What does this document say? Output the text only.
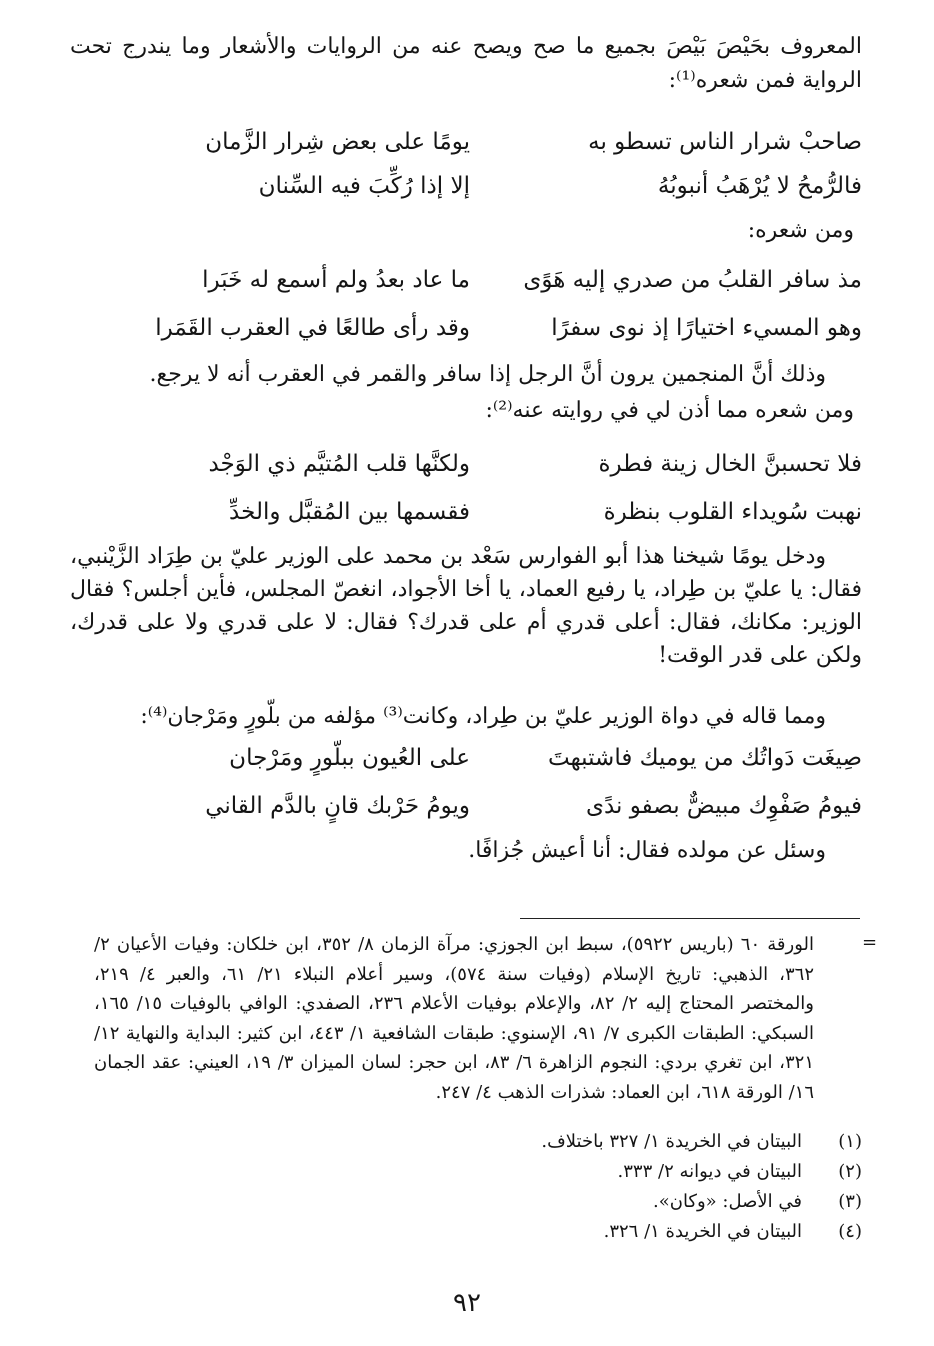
المعروف بحَيْصَ بَيْصَ بجميع ما صح ويصح عنه من الروايات والأشعار وما يندرج تحت الرواية فمن شعره⁽¹⁾:

صاحبْ شرار الناس تسطو به
يومًا على بعض شِرار الزَّمان
فالرُّمحُ لا يُرْهَبُ أنبوبُهُ
إلا إذا رُكِّبَ فيه السِّنان
ومن شعره:
مذ سافر القلبُ من صدري إليه هَوًى
ما عاد بعدُ ولم أسمع له خَبَرا
وهو المسيء اختيارًا إذ نوى سفرًا
وقد رأى طالعًا في العقرب القَمَرا

وذلك أنَّ المنجمين يرون أنَّ الرجل إذا سافر والقمر في العقرب أنه لا يرجع.

ومن شعره مما أذن لي في روايته عنه⁽²⁾:
فلا تحسبنَّ الخال زينة فطرة
ولكنَّها قلب المُتيَّم ذي الوَجْد
نهبت سُويداء القلوب بنظرة
فقسمها بين المُقبَّل والخدِّ

ودخل يومًا شيخنا هذا أبو الفوارس سَعْد بن محمد على الوزير عليّ بن طِرَاد الزَّيْنبي، فقال: يا عليّ بن طِراد، يا رفيع العماد، يا أخا الأجواد، انغصّ المجلس، فأين أجلس؟ فقال الوزير: مكانك، فقال: أعلى قدري أم على قدرك؟ فقال: لا على قدري ولا على قدرك، ولكن على قدر الوقت!

ومما قاله في دواة الوزير عليّ بن طِراد، وكانت⁽³⁾ مؤلفه من بلّورٍ ومَرْجان⁽⁴⁾:

صِيغَت دَواتُك من يوميك فاشتبهتَ
على العُيون ببلّورٍ ومَرْجان
فيومُ صَفْوِك مبيضٌّ بصفو ندًى
ويومُ حَرْبك قانٍ بالدَّم القاني

وسئل عن مولده فقال: أنا أعيش جُزافًا.

=

الورقة ٦٠ (باريس ٥٩٢٢)، سبط ابن الجوزي: مرآة الزمان ٨/ ٣٥٢، ابن خلكان: وفيات الأعيان ٢/ ٣٦٢، الذهبي: تاريخ الإسلام (وفيات سنة ٥٧٤)، وسير أعلام النبلاء ٢١/ ٦١، والعبر ٤/ ٢١٩، والمختصر المحتاج إليه ٢/ ٨٢، والإعلام بوفيات الأعلام ٢٣٦، الصفدي: الوافي بالوفيات ١٥/ ١٦٥، السبكي: الطبقات الكبرى ٧/ ٩١، الإسنوي: طبقات الشافعية ١/ ٤٤٣، ابن كثير: البداية والنهاية ١٢/ ٣٢١، ابن تغري بردي: النجوم الزاهرة ٦/ ٨٣، ابن حجر: لسان الميزان ٣/ ١٩، العيني: عقد الجمان ١٦/ الورقة ٦١٨، ابن العماد: شذرات الذهب ٤/ ٢٤٧.

(١)
البيتان في الخريدة ١/ ٣٢٧ باختلاف.
(٢)
البيتان في ديوانه ٢/ ٣٣٣.
(٣)
في الأصل: «وكان».
(٤)
البيتان في الخريدة ١/ ٣٢٦.
٩٢
